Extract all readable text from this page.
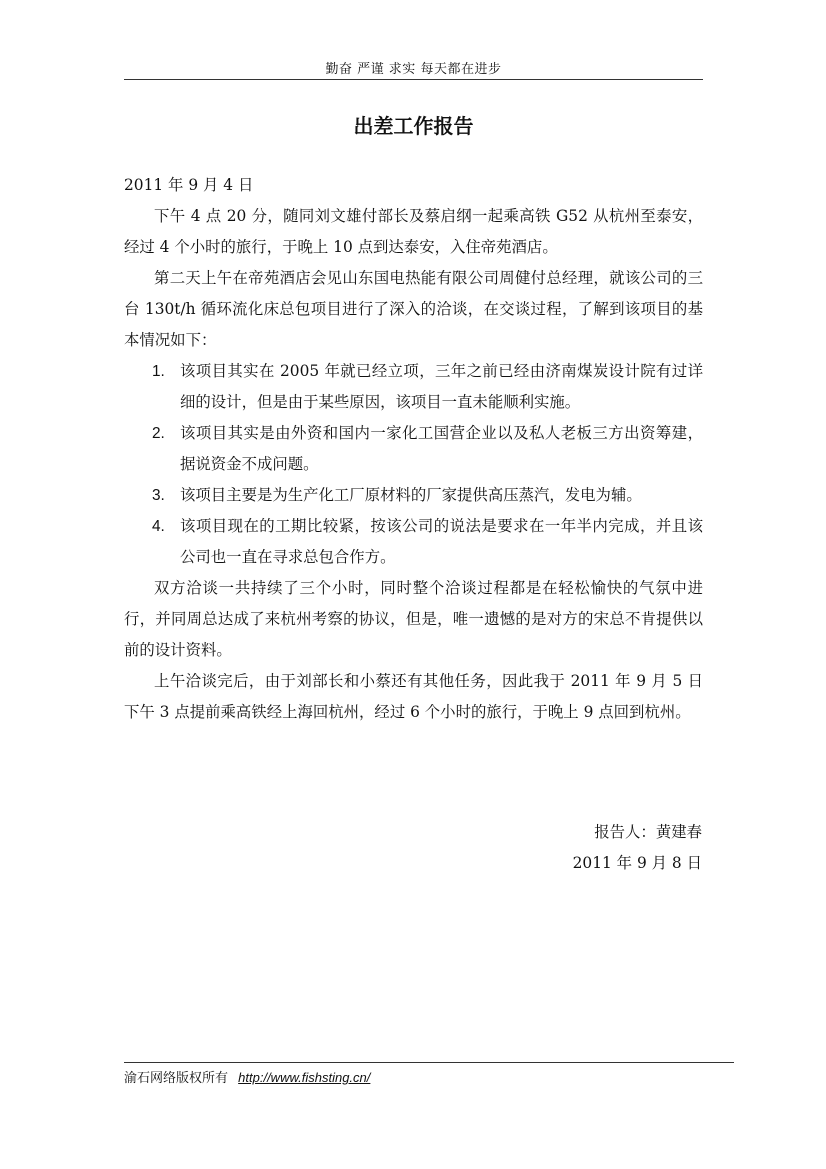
勤奋 严谨 求实 每天都在进步
出差工作报告

2011 年 9 月 4 日

下午 4 点 20 分，随同刘文雄付部长及蔡启纲一起乘高铁 G52 从杭州至泰安，经过 4 个小时的旅行，于晚上 10 点到达泰安，入住帝苑酒店。

第二天上午在帝苑酒店会见山东国电热能有限公司周健付总经理，就该公司的三台 130t/h 循环流化床总包项目进行了深入的洽谈，在交谈过程，了解到该项目的基本情况如下：

1. 该项目其实在 2005 年就已经立项，三年之前已经由济南煤炭设计院有过详细的设计，但是由于某些原因，该项目一直未能顺利实施。
2. 该项目其实是由外资和国内一家化工国营企业以及私人老板三方出资筹建，据说资金不成问题。
3. 该项目主要是为生产化工厂原材料的厂家提供高压蒸汽，发电为辅。
4. 该项目现在的工期比较紧，按该公司的说法是要求在一年半内完成，并且该公司也一直在寻求总包合作方。

双方洽谈一共持续了三个小时，同时整个洽谈过程都是在轻松愉快的气氛中进行，并同周总达成了来杭州考察的协议，但是，唯一遗憾的是对方的宋总不肯提供以前的设计资料。

上午洽谈完后，由于刘部长和小蔡还有其他任务，因此我于 2011 年 9 月 5 日下午 3 点提前乘高铁经上海回杭州，经过 6 个小时的旅行，于晚上 9 点回到杭州。

报告人：黄建春
2011 年 9 月 8 日
渝石网络版权所有 http://www.fishsting.cn/
